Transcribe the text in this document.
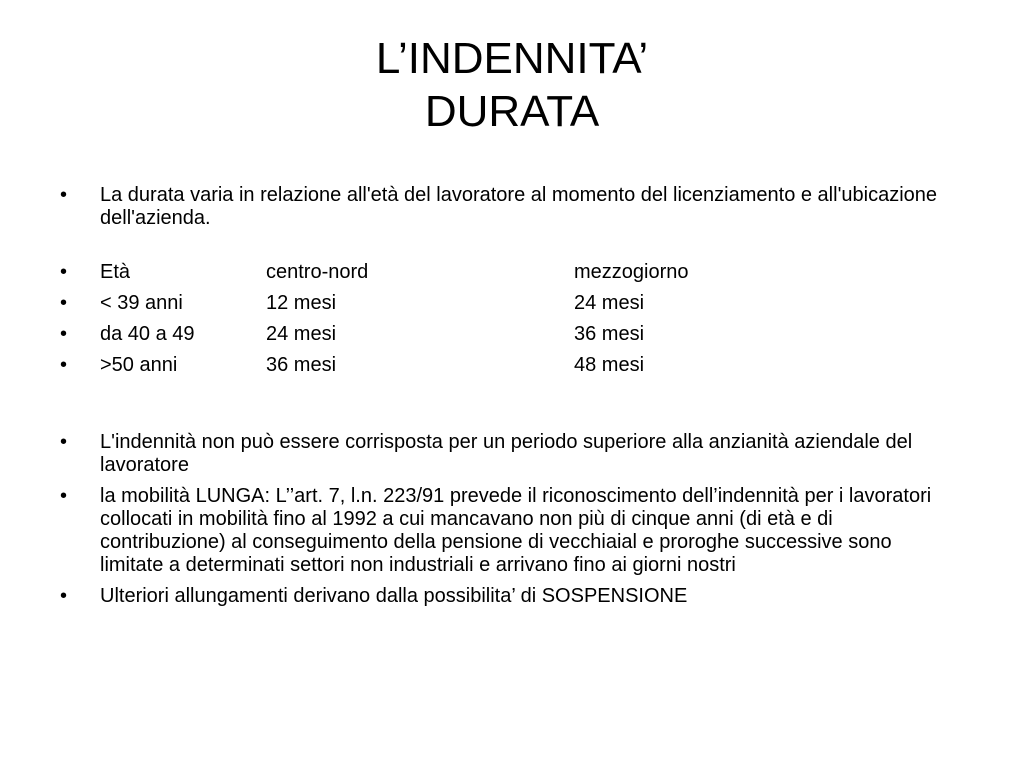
L’INDENNITA’
DURATA
•	La durata varia in relazione all'età del lavoratore al momento del licenziamento e all'ubicazione dell'azienda.
• Età	centro-nord	mezzogiorno
• < 39 anni	12 mesi	24 mesi
• da 40 a 49	24 mesi	36 mesi
• >50 anni	36 mesi	48 mesi
•	L'indennità non può essere corrisposta per un periodo superiore alla anzianità aziendale del lavoratore
•	la mobilità LUNGA: L’’art. 7, l.n. 223/91 prevede il riconoscimento dell’indennità per i lavoratori collocati in mobilità fino al 1992 a cui mancavano non più di cinque anni (di età e di contribuzione) al conseguimento della pensione di vecchiaial e proroghe successive sono limitate a determinati settori non industriali e arrivano fino ai giorni nostri
•	Ulteriori allungamenti derivano dalla possibilita’ di SOSPENSIONE
